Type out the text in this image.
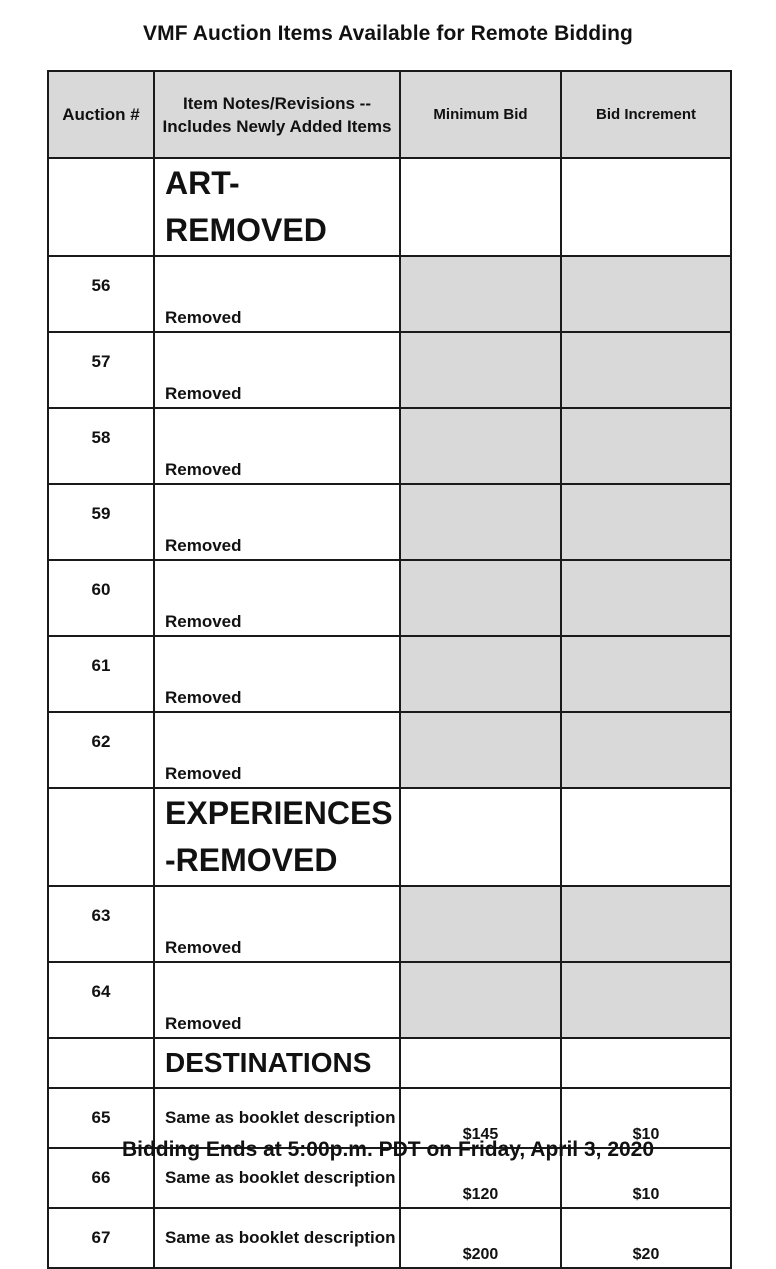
VMF Auction Items Available for Remote Bidding
Auction #	Item Notes/Revisions -- Includes Newly Added Items	Minimum Bid	Bid Increment
	ART-REMOVED		
56	Removed		
57	Removed		
58	Removed		
59	Removed		
60	Removed		
61	Removed		
62	Removed		
	EXPERIENCES-REMOVED		
63	Removed		
64	Removed		
	DESTINATIONS		
65	Same as booklet description	$145	$10
66	Same as booklet description	$120	$10
67	Same as booklet description	$200	$20
Bidding Ends at 5:00p.m. PDT on Friday, April 3, 2020
